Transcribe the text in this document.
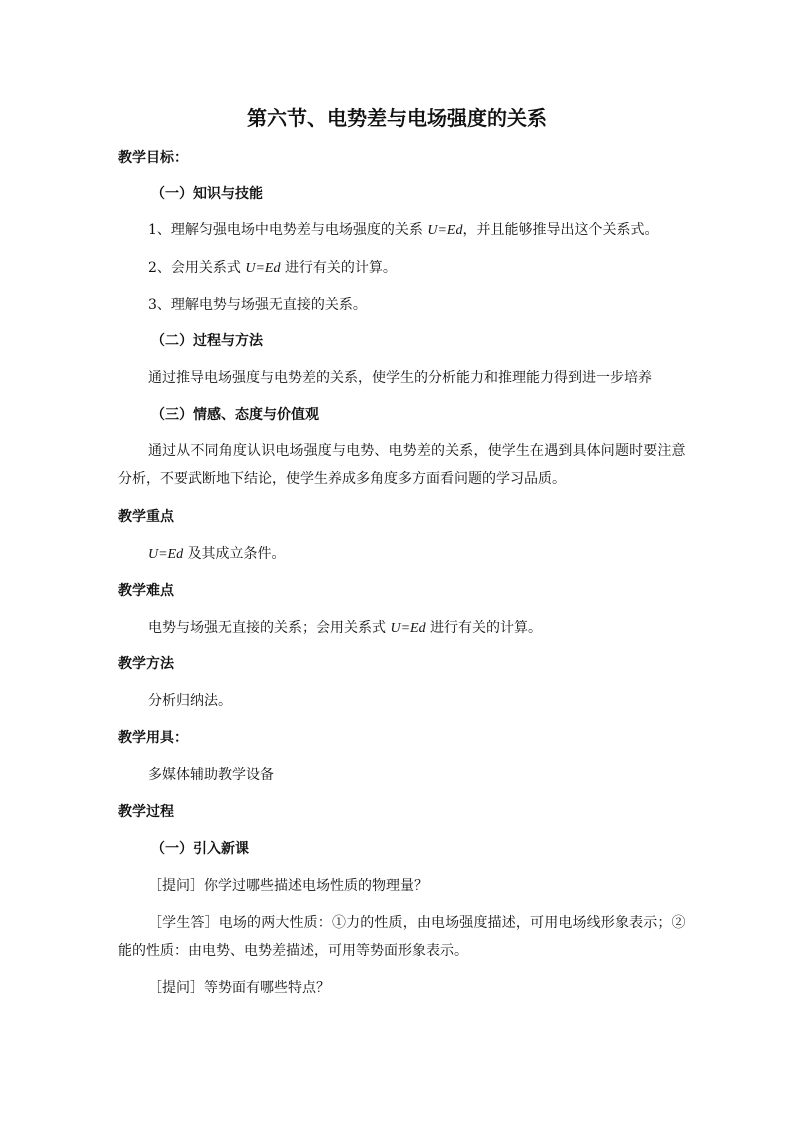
第六节、电势差与电场强度的关系
教学目标：
（一）知识与技能
1、理解匀强电场中电势差与电场强度的关系 U=Ed，并且能够推导出这个关系式。
2、会用关系式 U=Ed 进行有关的计算。
3、理解电势与场强无直接的关系。
（二）过程与方法
通过推导电场强度与电势差的关系，使学生的分析能力和推理能力得到进一步培养
（三）情感、态度与价值观
通过从不同角度认识电场强度与电势、电势差的关系，使学生在遇到具体问题时要注意
分析，不要武断地下结论，使学生养成多角度多方面看问题的学习品质。
教学重点
U=Ed 及其成立条件。
教学难点
电势与场强无直接的关系；会用关系式 U=Ed 进行有关的计算。
教学方法
分析归纳法。
教学用具：
多媒体辅助教学设备
教学过程
（一）引入新课
［提问］你学过哪些描述电场性质的物理量？
［学生答］电场的两大性质：①力的性质，由电场强度描述，可用电场线形象表示；②
能的性质：由电势、电势差描述，可用等势面形象表示。
［提问］等势面有哪些特点？
